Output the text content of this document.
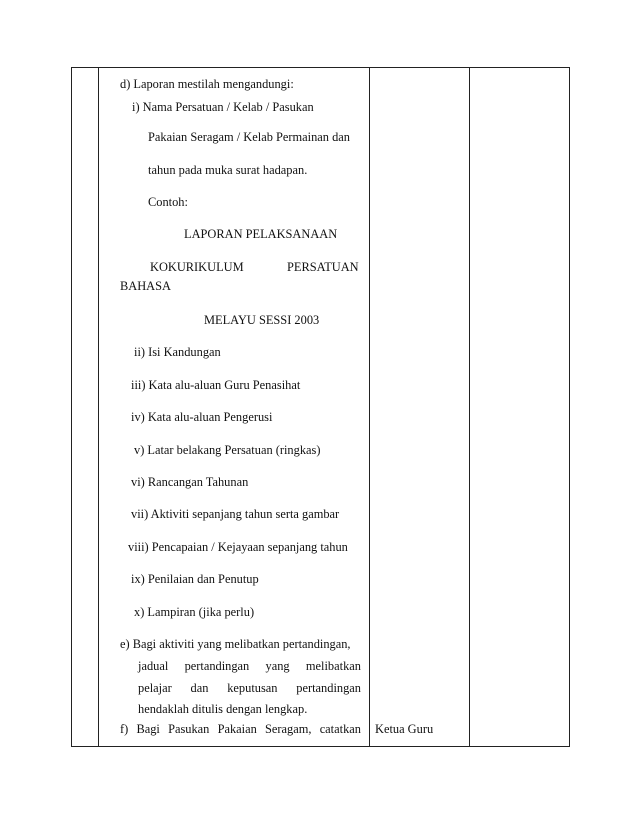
d) Laporan mestilah mengandungi:
i) Nama Persatuan / Kelab / Pasukan
Pakaian Seragam / Kelab Permainan dan
tahun pada muka surat hadapan.
Contoh:
LAPORAN PELAKSANAAN
KOKURIKULUM	PERSATUAN
BAHASA
MELAYU SESSI 2003
ii) Isi Kandungan
iii) Kata alu-aluan Guru Penasihat
iv) Kata alu-aluan Pengerusi
v) Latar belakang Persatuan (ringkas)
vi) Rancangan Tahunan
vii) Aktiviti sepanjang tahun serta gambar
viii) Pencapaian / Kejayaan sepanjang tahun
ix) Penilaian dan Penutup
x) Lampiran (jika perlu)
e) Bagi aktiviti yang melibatkan pertandingan,
jadual pertandingan yang melibatkan
pelajar dan keputusan pertandingan
hendaklah ditulis dengan lengkap.
f) Bagi Pasukan Pakaian Seragam, catatkan Ketua Guru
